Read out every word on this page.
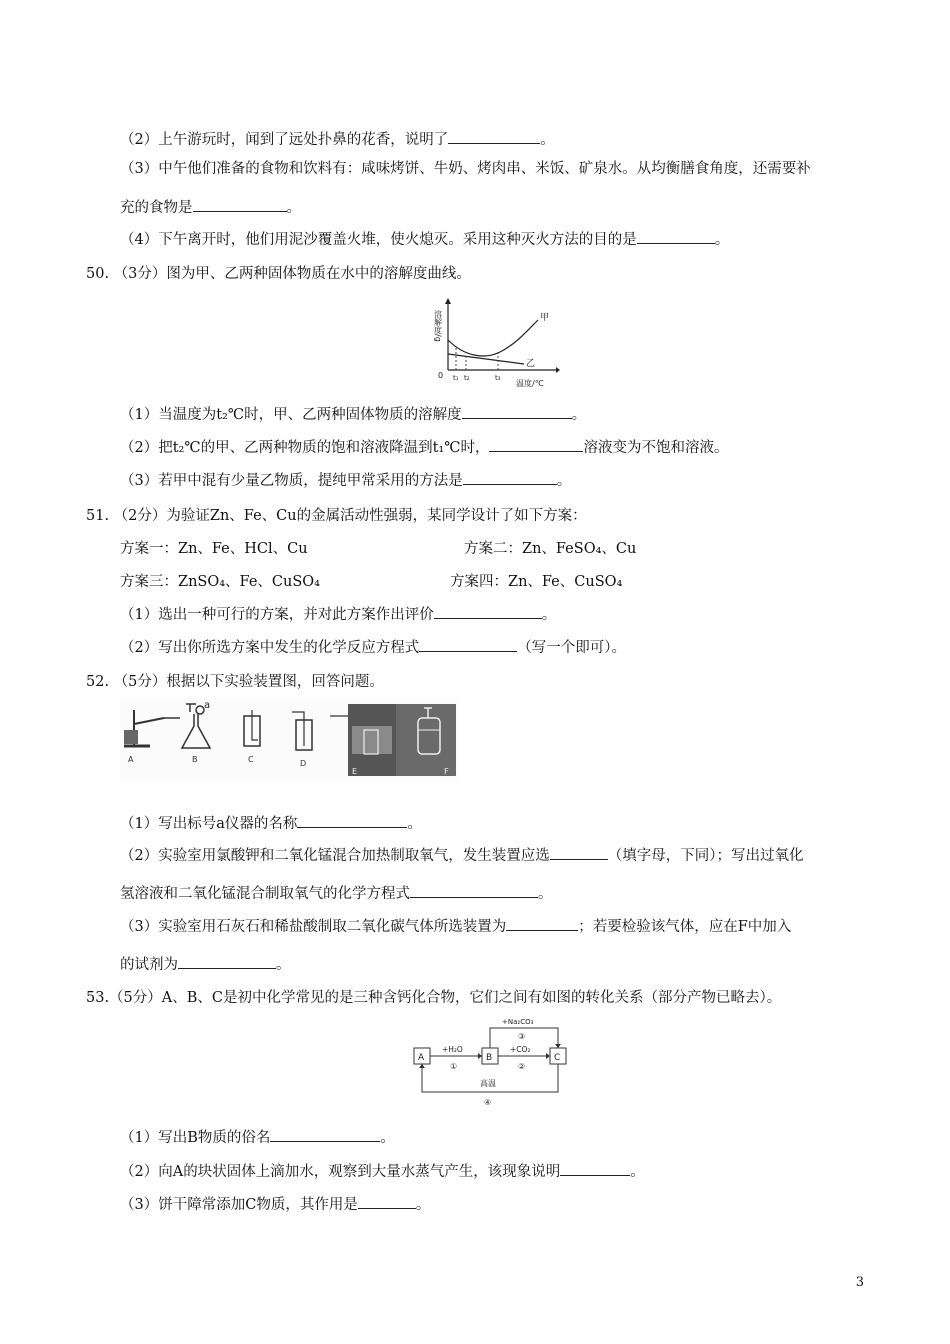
（2）上午游玩时，闻到了远处扑鼻的花香，说明了	。
（3）中午他们准备的食物和饮料有：咸味烤饼、牛奶、烤肉串、米饭、矿泉水。从均衡膳食角度，还需要补
充的食物是	。
（4）下午离开时，他们用泥沙覆盖火堆，使火熄灭。采用这种灭火方法的目的是	。
50. （3分）图为甲、乙两种固体物质在水中的溶解度曲线。
溶解度/g
0 t₁ t₂	t₃
甲
乙
温度/℃
（1）当温度为t₂℃时，甲、乙两种固体物质的溶解度	。
（2）把t₂℃的甲、乙两种物质的饱和溶液降温到t₁℃时，	溶液变为不饱和溶液。
（3）若甲中混有少量乙物质，提纯甲常采用的方法是	。
51. （2分）为验证Zn、Fe、Cu的金属活动性强弱，某同学设计了如下方案：
方案一：Zn、Fe、HCl、Cu	方案二：Zn、FeSO₄、Cu
方案三：ZnSO₄、Fe、CuSO₄	方案四：Zn、Fe、CuSO₄
（1）选出一种可行的方案，并对此方案作出评价	。
（2）写出你所选方案中发生的化学反应方程式	（写一个即可）。
52. （5分）根据以下实验装置图，回答问题。
A
a
B	C	D
E	F
（1）写出标号a仪器的名称	。
（2）实验室用氯酸钾和二氧化锰混合加热制取氧气，发生装置应选	（填字母，下同）；写出过氧化
氢溶液和二氧化锰混合制取氧气的化学方程式	。
（3）实验室用石灰石和稀盐酸制取二氧化碳气体所选装置为	；若要检验该气体，应在F中加入
的试剂为	。
53.（5分）A、B、C是初中化学常见的是三种含钙化合物，它们之间有如图的转化关系（部分产物已略去）。
A	B	C
+H₂O
①
+CO₂
②
+Na₂CO₃
③
高温
④
（1）写出B物质的俗名	。
（2）向A的块状固体上滴加水，观察到大量水蒸气产生，该现象说明	。
（3）饼干障常添加C物质，其作用是	。
3
